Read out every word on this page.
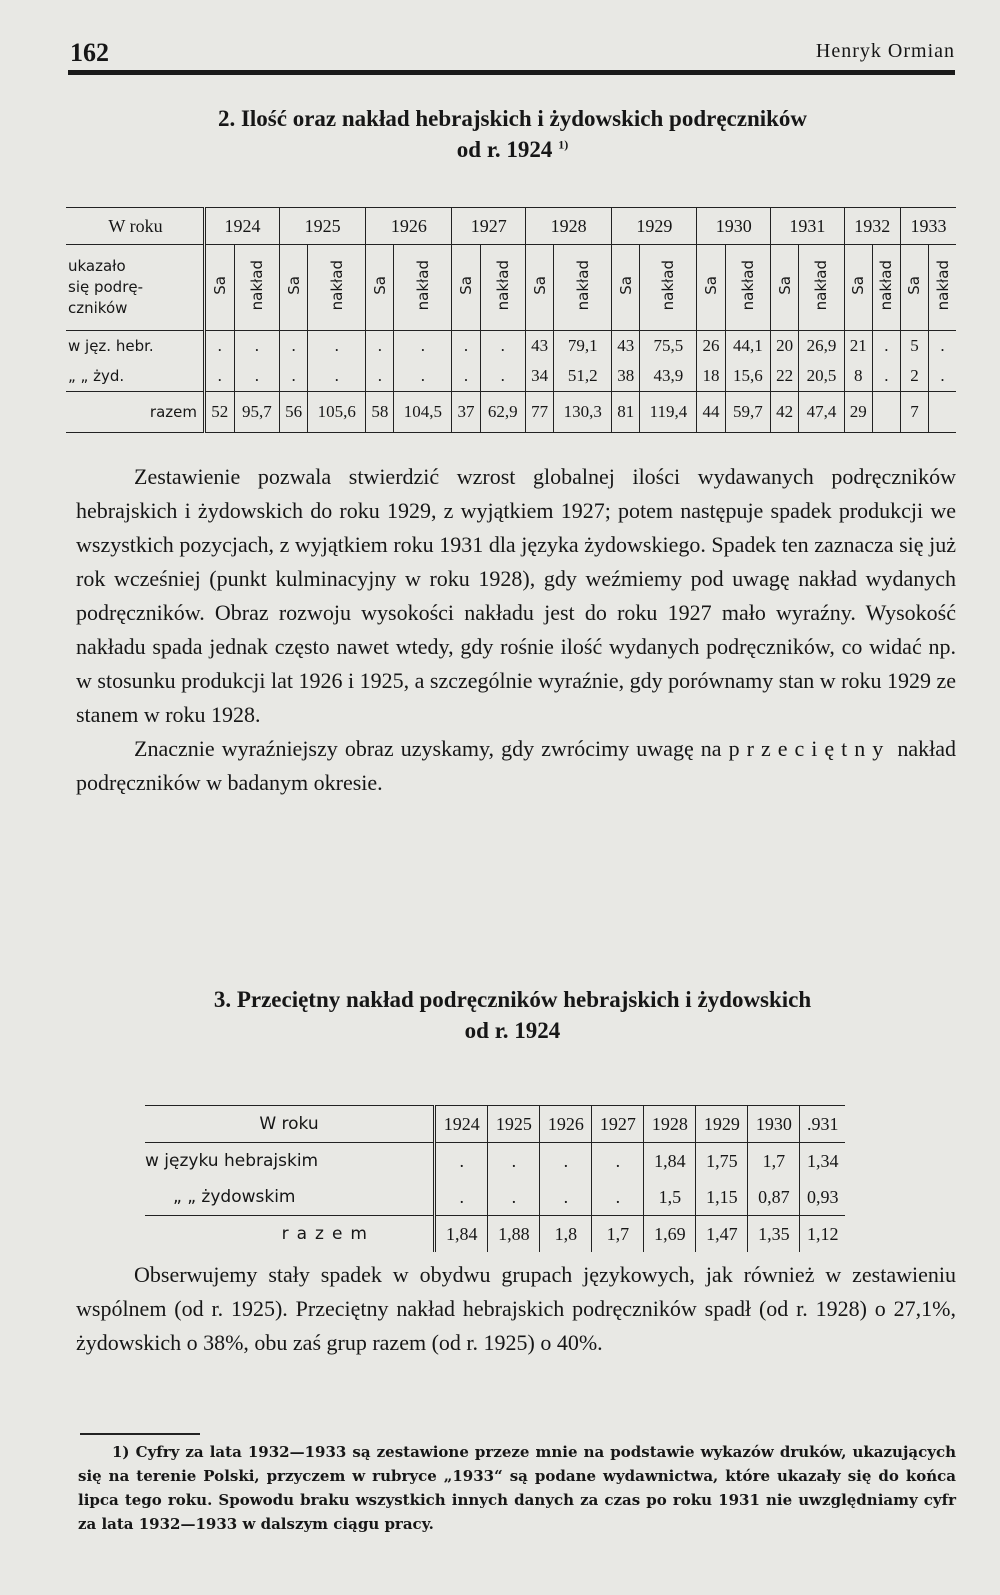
162	Henryk Ormian
2. Ilość oraz nakład hebrajskich i żydowskich podręczników
od r. 1924 $^{1)}$
W roku	1924		1925		1926		1927		1928		1929		1930		1931		1932		1933	

ukazało
się podrę-
czników	Sa	nakład	Sa	nakład	Sa	nakład	Sa	nakład	Sa	nakład	Sa	nakład	Sa	nakład	Sa	nakład	Sa	nakład	Sa	nakład
w jęz. hebr.	.	.	.	.	.	.	.	.	43	79,1	43	75,5	26	44,1	20	26,9	21	.	5	.
„ „ żyd.	.	.	.	.	.	.	.	.	34	51,2	38	43,9	18	15,6	22	20,5	8	.	2	.
razem	52	95,7	56	105,6	58	104,5	37	62,9	77	130,3	81	119,4	44	59,7	42	47,4	29		7	

Zestawienie pozwala stwierdzić wzrost globalnej ilości wydawanych podręczników hebrajskich i żydowskich do roku 1929, z wyjątkiem 1927; potem następuje spadek produkcji we wszystkich pozycjach, z wyjątkiem roku 1931 dla języka żydowskiego. Spadek ten zaznacza się już rok wcześniej (punkt kulminacyjny w roku 1928), gdy weźmiemy pod uwagę nakład wydanych podręczników. Obraz rozwoju wysokości nakładu jest do roku 1927 mało wyraźny. Wysokość nakładu spada jednak często nawet wtedy, gdy rośnie ilość wydanych podręczników, co widać np. w stosunku produkcji lat 1926 i 1925, a szczególnie wyraźnie, gdy porównamy stan w roku 1929 ze stanem w roku 1928.

Znacznie wyraźniejszy obraz uzyskamy, gdy zwrócimy uwagę na przeciętny nakład podręczników w badanym okresie.

3. Przeciętny nakład podręczników hebrajskich i żydowskich
od r. 1924
W roku	1924	1925	1926	1927	1928	1929	1930	.931
w języku hebrajskim	.	.	.	.	1,84	1,75	1,7	1,34
„ „ żydowskim	.	.	.	.	1,5	1,15	0,87	0,93
razem	1,84	1,88	1,8	1,7	1,69	1,47	1,35	1,12

Obserwujemy stały spadek w obydwu grupach językowych, jak również w zestawieniu wspólnem (od r. 1925). Przeciętny nakład hebrajskich podręczników spadł (od r. 1928) o 27,1%, żydowskich o 38%, obu zaś grup razem (od r. 1925) o 40%.

1) Cyfry za lata 1932—1933 są zestawione przeze mnie na podstawie wykazów druków, ukazujących się na terenie Polski, przyczem w rubryce „1933“ są podane wydawnictwa, które ukazały się do końca lipca tego roku. Spowodu braku wszystkich innych danych za czas po roku 1931 nie uwzględniamy cyfr za lata 1932—1933 w dalszym ciągu pracy.
